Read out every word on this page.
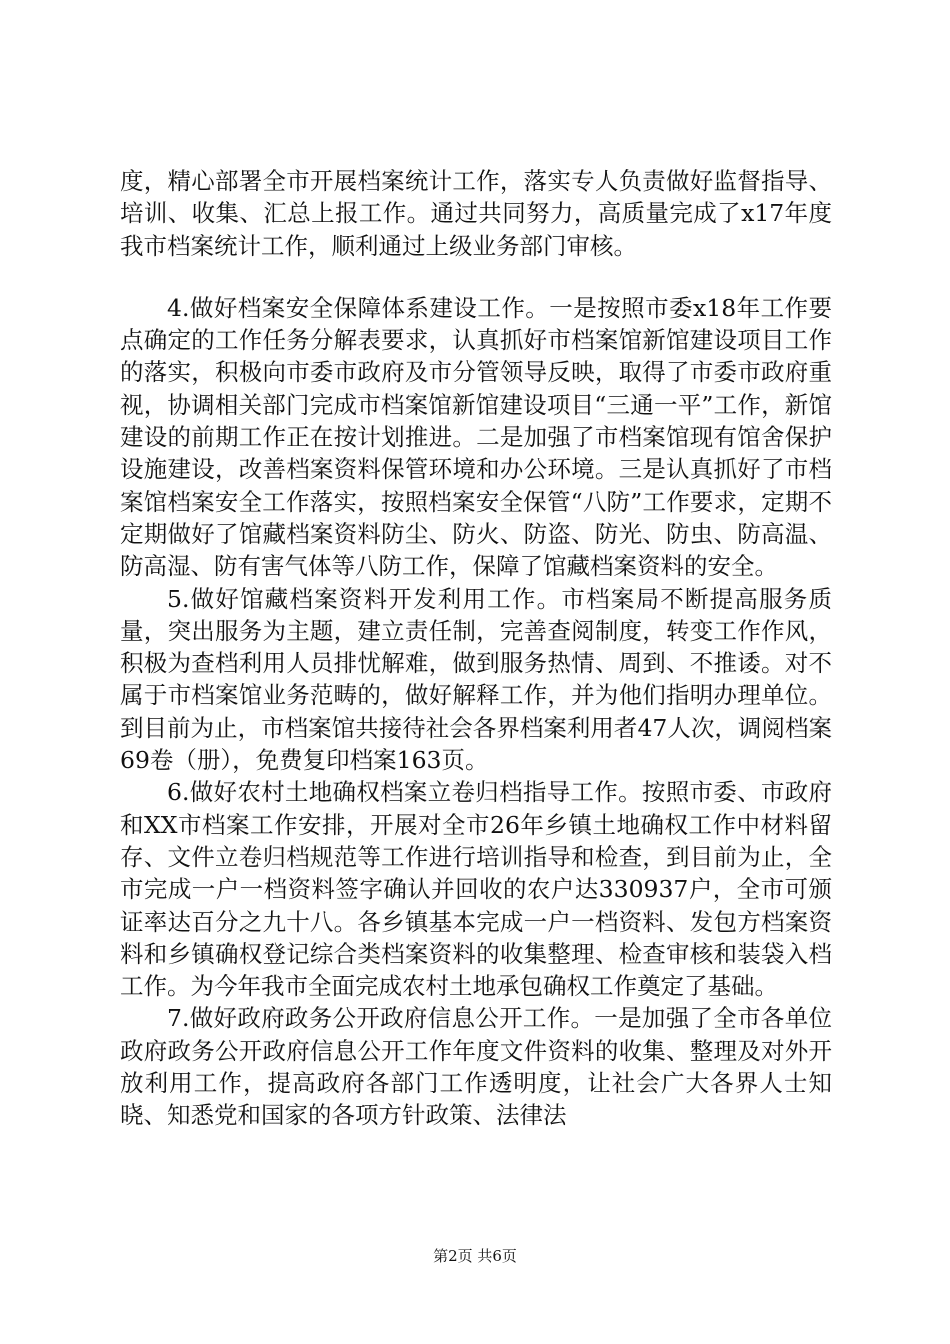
度，精心部署全市开展档案统计工作，落实专人负责做好监督指导、培训、收集、汇总上报工作。通过共同努力，高质量完成了x17年度我市档案统计工作，顺利通过上级业务部门审核。

4.做好档案安全保障体系建设工作。一是按照市委x18年工作要点确定的工作任务分解表要求，认真抓好市档案馆新馆建设项目工作的落实，积极向市委市政府及市分管领导反映，取得了市委市政府重视，协调相关部门完成市档案馆新馆建设项目“三通一平”工作，新馆建设的前期工作正在按计划推进。二是加强了市档案馆现有馆舍保护设施建设，改善档案资料保管环境和办公环境。三是认真抓好了市档案馆档案安全工作落实，按照档案安全保管“八防”工作要求，定期不定期做好了馆藏档案资料防尘、防火、防盗、防光、防虫、防高温、防高湿、防有害气体等八防工作，保障了馆藏档案资料的安全。

5.做好馆藏档案资料开发利用工作。市档案局不断提高服务质量，突出服务为主题，建立责任制，完善查阅制度，转变工作作风，积极为查档利用人员排忧解难，做到服务热情、周到、不推诿。对不属于市档案馆业务范畴的，做好解释工作，并为他们指明办理单位。到目前为止，市档案馆共接待社会各界档案利用者47人次，调阅档案69卷（册），免费复印档案163页。

6.做好农村土地确权档案立卷归档指导工作。按照市委、市政府和XX市档案工作安排，开展对全市26年乡镇土地确权工作中材料留存、文件立卷归档规范等工作进行培训指导和检查，到目前为止，全市完成一户一档资料签字确认并回收的农户达330937户，全市可颁证率达百分之九十八。各乡镇基本完成一户一档资料、发包方档案资料和乡镇确权登记综合类档案资料的收集整理、检查审核和装袋入档工作。为今年我市全面完成农村土地承包确权工作奠定了基础。

7.做好政府政务公开政府信息公开工作。一是加强了全市各单位政府政务公开政府信息公开工作年度文件资料的收集、整理及对外开放利用工作，提高政府各部门工作透明度，让社会广大各界人士知晓、知悉党和国家的各项方针政策、法律法

第2页 共6页
